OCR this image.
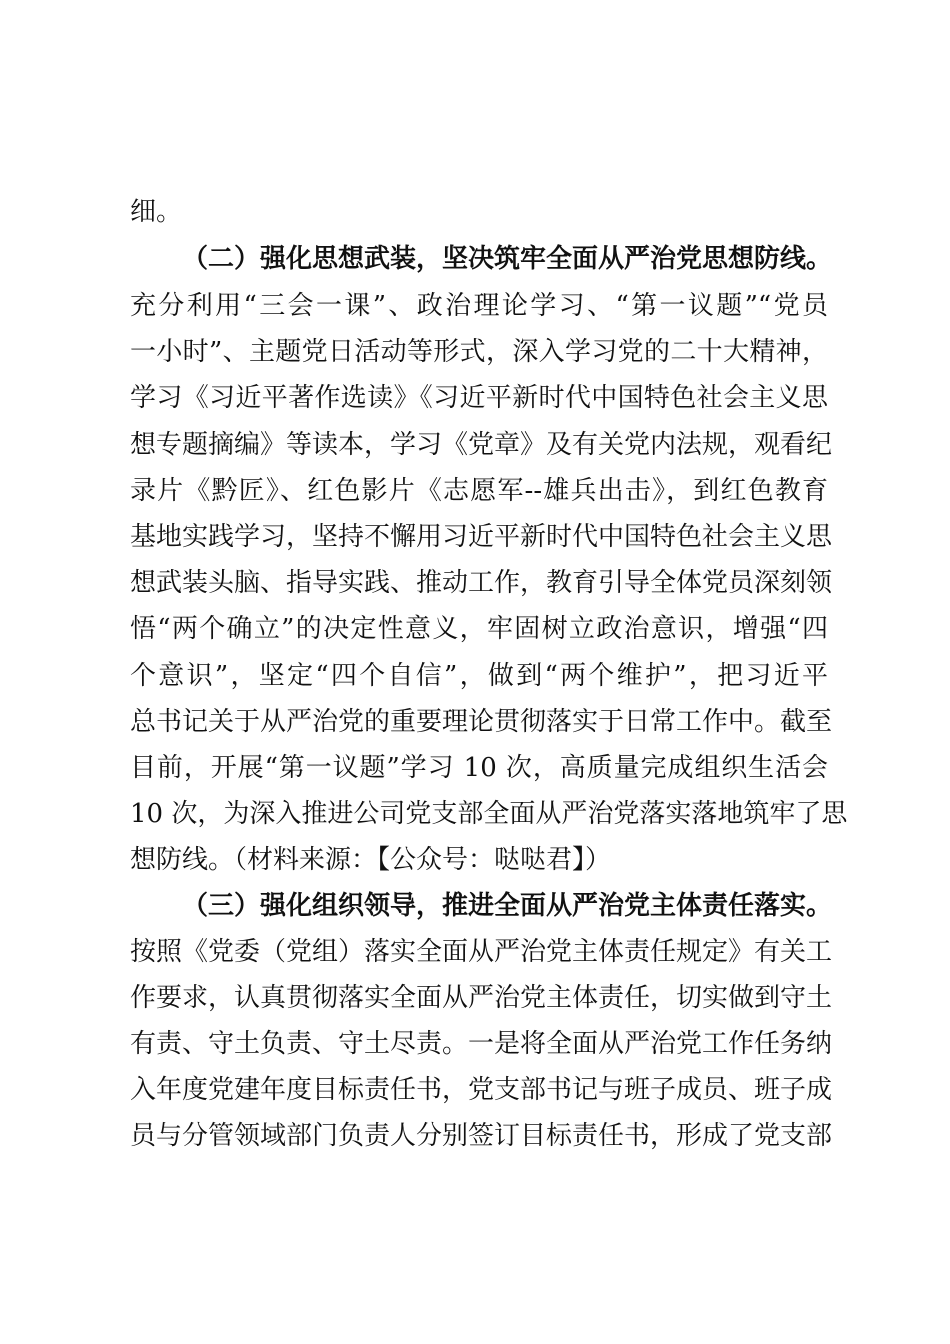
细。
（二）强化思想武装，坚决筑牢全面从严治党思想防线。
充分利用“三会一课”、政治理论学习、“第一议题”“党员
一小时”、主题党日活动等形式，深入学习党的二十大精神，
学习《习近平著作选读》《习近平新时代中国特色社会主义思
想专题摘编》等读本，学习《党章》及有关党内法规，观看纪
录片《黔匠》、红色影片《志愿军--雄兵出击》，到红色教育
基地实践学习，坚持不懈用习近平新时代中国特色社会主义思
想武装头脑、指导实践、推动工作，教育引导全体党员深刻领
悟“两个确立”的决定性意义，牢固树立政治意识，增强“四
个意识”，坚定“四个自信”，做到“两个维护”，把习近平
总书记关于从严治党的重要理论贯彻落实于日常工作中。截至
目前，开展“第一议题”学习 10 次，高质量完成组织生活会
10 次，为深入推进公司党支部全面从严治党落实落地筑牢了思
想防线。（材料来源：【公众号：哒哒君】）
（三）强化组织领导，推进全面从严治党主体责任落实。
按照《党委（党组）落实全面从严治党主体责任规定》有关工
作要求，认真贯彻落实全面从严治党主体责任，切实做到守土
有责、守土负责、守土尽责。一是将全面从严治党工作任务纳
入年度党建年度目标责任书，党支部书记与班子成员、班子成
员与分管领域部门负责人分别签订目标责任书，形成了党支部
